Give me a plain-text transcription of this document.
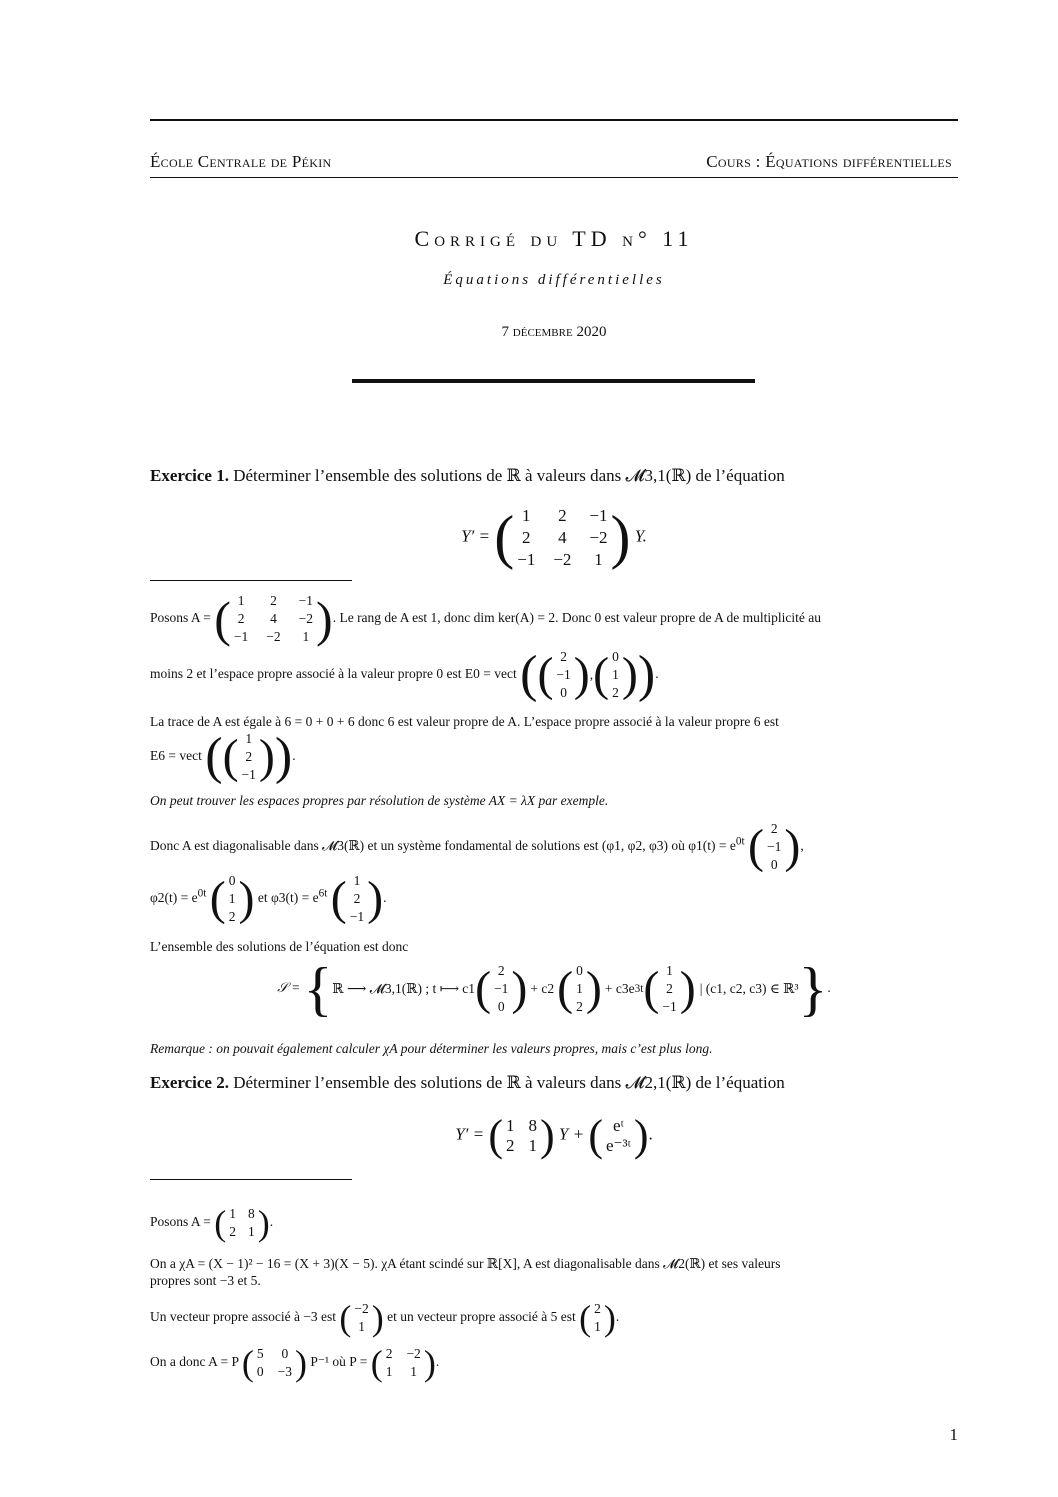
École Centrale de Pékin	Cours : Équations différentielles
Corrigé du TD n° 11
Équations différentielles
7 décembre 2020
Exercice 1. Déterminer l’ensemble des solutions de ℝ à valeurs dans 𝓜3,1(ℝ) de l’équation
Y′ = ( 1 2 −1
2 4 −2
−1 −2 1 ) Y.
Posons A = ( 1 2 −1
2 4 −2
−1 −2 1 ) . Le rang de A est 1, donc dim ker(A) = 2. Donc 0 est valeur propre de A de multiplicité au
moins 2 et l’espace propre associé à la valeur propre 0 est E0 = vect ( ( 2
−1
0 ) , ( 0
1
2 ) ) .
La trace de A est égale à 6 = 0 + 0 + 6 donc 6 est valeur propre de A. L’espace propre associé à la valeur propre 6 est
E6 = vect ( ( 1
2
−1 ) ) .
On peut trouver les espaces propres par résolution de système AX = λX par exemple.
Donc A est diagonalisable dans 𝓜3(ℝ) et un système fondamental de solutions est (φ1, φ2, φ3) où $\varphi 1(t) = e^{0t}$ ( 2
−1
0 ) ,
$\varphi 2(t) = e^{0t}$ ( 0
1
2 ) et $\varphi 3(t) = e^{6t}$ ( 1
2
−1 ) .
L’ensemble des solutions de l’équation est donc
𝒮 = { ℝ ⟶ 𝓜3,1(ℝ) ; t ⟼ c1 ( 2
−1
0 ) + c2 ( 0
1
2 ) + c3e 3t ( 1
2
−1 ) | (c1, c2, c3) ∈ ℝ³ } .
Remarque : on pouvait également calculer χA pour déterminer les valeurs propres, mais c’est plus long.
Exercice 2. Déterminer l’ensemble des solutions de ℝ à valeurs dans 𝓜2,1(ℝ) de l’équation
Y′ = ( 1 8
2 1 ) Y + ( eᵗ
e⁻³ᵗ ) .
Posons A = ( 1 8
2 1 ) .
On a χA = (X − 1)² − 16 = (X + 3)(X − 5). χA étant scindé sur ℝ[X], A est diagonalisable dans 𝓜2(ℝ) et ses valeurs
propres sont −3 et 5.
Un vecteur propre associé à −3 est ( −2
1 ) et un vecteur propre associé à 5 est ( 2
1 ) .
On a donc A = P ( 5 0
0 −3 ) P⁻¹ où P = ( 2 −2
1 1 ) .
1
